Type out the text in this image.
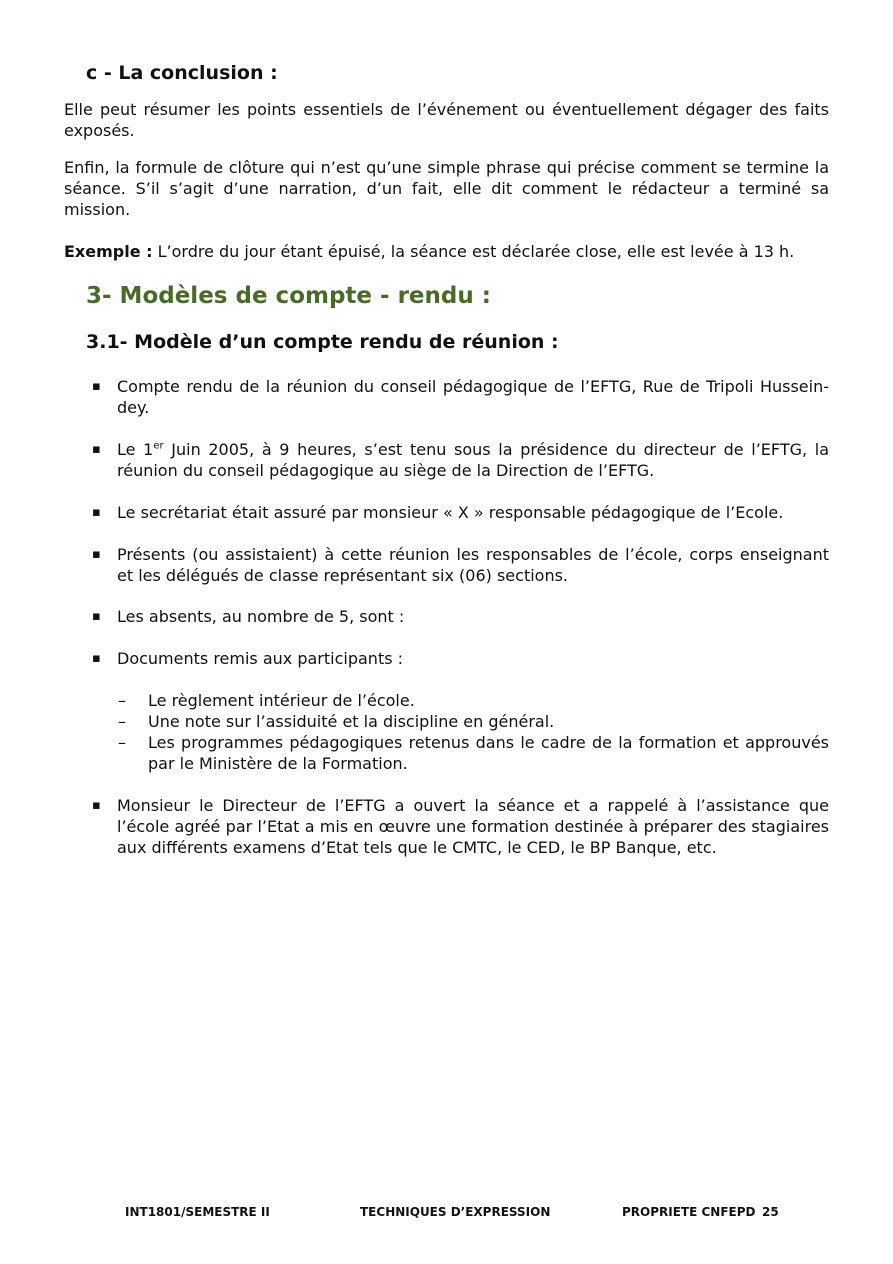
c - La conclusion :

Elle peut résumer les points essentiels de l’événement ou éventuellement dégager des faits exposés.

Enfin, la formule de clôture qui n’est qu’une simple phrase qui précise comment se termine la séance. S’il s’agit d’une narration, d’un fait, elle dit comment le rédacteur a terminé sa mission.

Exemple : L’ordre du jour étant épuisé, la séance est déclarée close, elle est levée à 13 h.

3- Modèles de compte - rendu :
3.1- Modèle d’un compte rendu de réunion :
▪ Compte rendu de la réunion du conseil pédagogique de l’EFTG, Rue de Tripoli Hussein-dey.
▪ Le 1er Juin 2005, à 9 heures, s’est tenu sous la présidence du directeur de l’EFTG, la réunion du conseil pédagogique au siège de la Direction de l’EFTG.
▪ Le secrétariat était assuré par monsieur « X » responsable pédagogique de l’Ecole.
▪ Présents (ou assistaient) à cette réunion les responsables de l’école, corps enseignant et les délégués de classe représentant six (06) sections.
▪ Les absents, au nombre de 5, sont :
▪ Documents remis aux participants :
– Le règlement intérieur de l’école.
– Une note sur l’assiduité et la discipline en général.
– Les programmes pédagogiques retenus dans le cadre de la formation et approuvés par le Ministère de la Formation.
▪ Monsieur le Directeur de l’EFTG a ouvert la séance et a rappelé à l’assistance que l’école agréé par l’Etat a mis en œuvre une formation destinée à préparer des stagiaires aux différents examens d’Etat tels que le CMTC, le CED, le BP Banque, etc.

INT1801/SEMESTRE II	TECHNIQUES D’EXPRESSION	PROPRIETE CNFEPD 25
